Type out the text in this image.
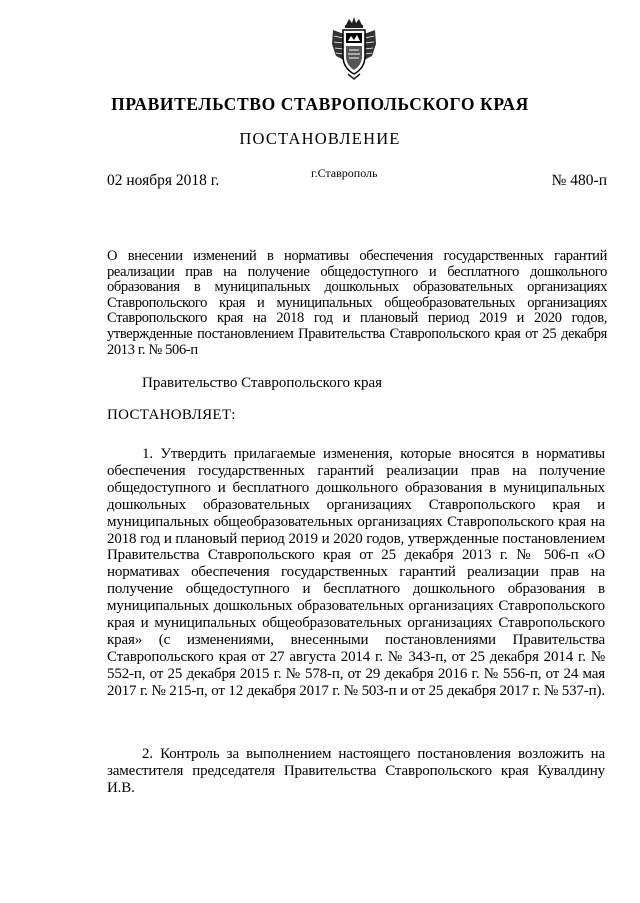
ПРАВИТЕЛЬСТВО СТАВРОПОЛЬСКОГО КРАЯ
ПОСТАНОВЛЕНИЕ
02 ноября 2018 г.	г.Ставрополь	№ 480-п
О внесении изменений в нормативы обеспечения государственных гарантий реализации прав на получение общедоступного и бесплатного дошкольного образования в муниципальных дошкольных образовательных организациях Ставропольского края и муниципальных общеобразовательных организациях Ставропольского края на 2018 год и плановый период 2019 и 2020 годов, утвержденные постановлением Правительства Ставропольского края от 25 декабря 2013 г. № 506-п
Правительство Ставропольского края
ПОСТАНОВЛЯЕТ:
1. Утвердить прилагаемые изменения, которые вносятся в нормативы обеспечения государственных гарантий реализации прав на получение общедоступного и бесплатного дошкольного образования в муниципальных дошкольных образовательных организациях Ставропольского края и муниципальных общеобразовательных организациях Ставропольского края на 2018 год и плановый период 2019 и 2020 годов, утвержденные постановлением Правительства Ставропольского края от 25 декабря 2013 г. № 506-п «О нормативах обеспечения государственных гарантий реализации прав на получение общедоступного и бесплатного дошкольного образования в муниципальных дошкольных образовательных организациях Ставропольского края и муниципальных общеобразовательных организациях Ставропольского края» (с изменениями, внесенными постановлениями Правительства Ставропольского края от 27 августа 2014 г. № 343-п, от 25 декабря 2014 г. № 552-п, от 25 декабря 2015 г. № 578-п, от 29 декабря 2016 г. № 556-п, от 24 мая 2017 г. № 215-п, от 12 декабря 2017 г. № 503-п и от 25 декабря 2017 г. № 537-п).
2. Контроль за выполнением настоящего постановления возложить на заместителя председателя Правительства Ставропольского края Кувалдину И.В.
